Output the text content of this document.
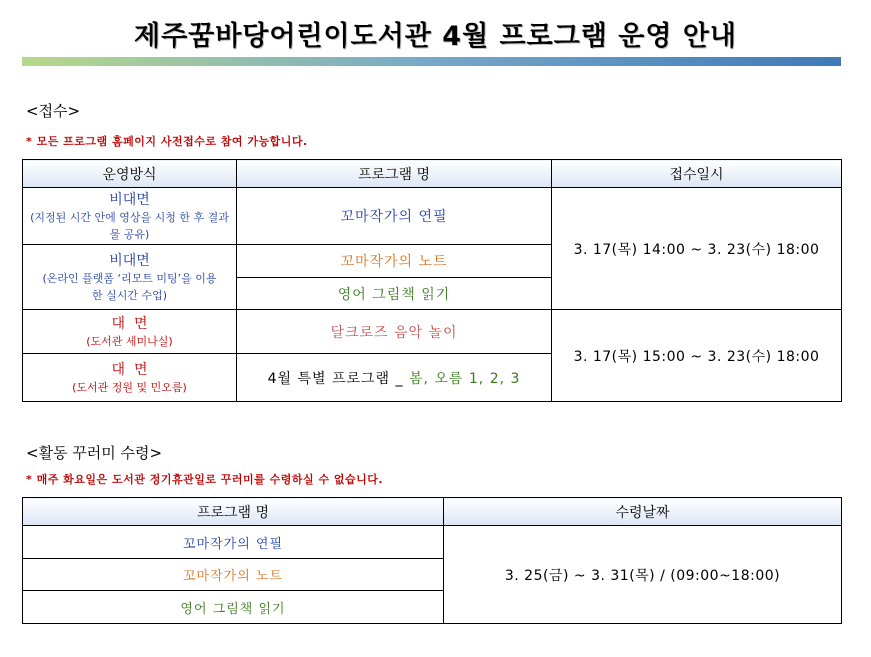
제주꿈바당어린이도서관 4월 프로그램 운영 안내
<접수>
* 모든 프로그램 홈페이지 사전접수로 참여 가능합니다.
운영방식	프로그램 명	접수일시

비대면
(지정된 시간 안에 영상을 시청 한 후 결과물 공유)	꼬마작가의 연필	3. 17(목) 14:00 ~ 3. 23(수) 18:00

비대면
(온라인 플랫폼 ‘리모트 미팅’을 이용한 실시간 수업)	꼬마작가의 노트	
	영어 그림책 읽기	

대  면
(도서관 세미나실)	달크로즈 음악 놀이	3. 17(목) 15:00 ~ 3. 23(수) 18:00

대  면
(도서관 정원 및 민오름)	4월 특별 프로그램 _ 봄, 오름 1, 2, 3	
<활동 꾸러미 수령>
* 매주 화요일은 도서관 정기휴관일로 꾸러미를 수령하실 수 없습니다.
프로그램 명	수령날짜
꼬마작가의 연필	3. 25(금) ~ 3. 31(목) / (09:00~18:00)
꼬마작가의 노트	
영어 그림책 읽기	
